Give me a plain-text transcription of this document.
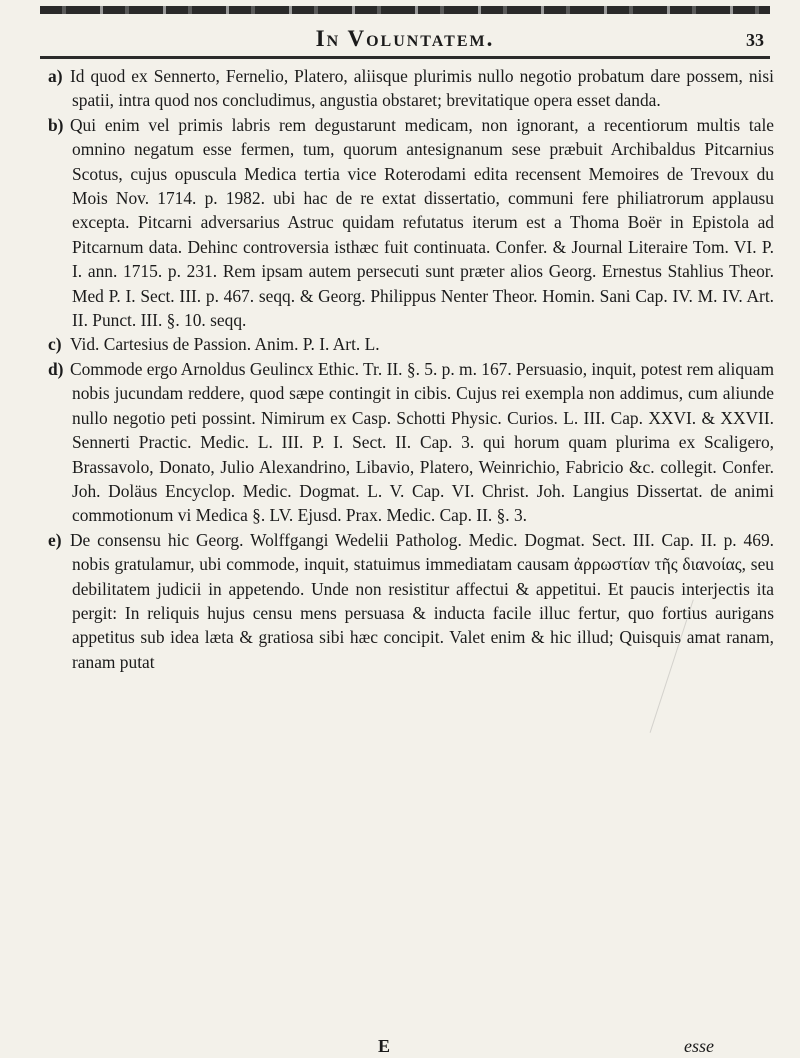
In Voluntatem.	33

a) Id quod ex Sennerto, Fernelio, Platero, aliisque plurimis nullo negotio probatum dare possem, nisi spatii, intra quod nos concludimus, angustia obstaret; brevitatique opera esset danda.

b) Qui enim vel primis labris rem degustarunt medicam, non ignorant, a recentiorum multis tale omnino negatum esse fermen, tum, quorum antesignanum sese præbuit Archibaldus Pitcarnius Scotus, cujus opuscula Medica tertia vice Roterodami edita recensent Memoires de Trevoux du Mois Nov. 1714. p. 1982. ubi hac de re extat dissertatio, communi fere philiatrorum applausu excepta. Pitcarni adversarius Astruc quidam refutatus iterum est a Thoma Boër in Epistola ad Pitcarnum data. Dehinc controversia isthæc fuit continuata. Confer. & Journal Literaire Tom. VI. P. I. ann. 1715. p. 231. Rem ipsam autem persecuti sunt præter alios Georg. Ernestus Stahlius Theor. Med P. I. Sect. III. p. 467. seqq. & Georg. Philippus Nenter Theor. Homin. Sani Cap. IV. M. IV. Art. II. Punct. III. §. 10. seqq.

c) Vid. Cartesius de Passion. Anim. P. I. Art. L.

d) Commode ergo Arnoldus Geulincx Ethic. Tr. II. §. 5. p. m. 167. Persuasio, inquit, potest rem aliquam nobis jucundam reddere, quod sæpe contingit in cibis. Cujus rei exempla non addimus, cum aliunde nullo negotio peti possint. Nimirum ex Casp. Schotti Physic. Curios. L. III. Cap. XXVI. & XXVII. Sennerti Practic. Medic. L. III. P. I. Sect. II. Cap. 3. qui horum quam plurima ex Scaligero, Brassavolo, Donato, Julio Alexandrino, Libavio, Platero, Weinrichio, Fabricio &c. collegit. Confer. Joh. Doläus Encyclop. Medic. Dogmat. L. V. Cap. VI. Christ. Joh. Langius Dissertat. de animi commotionum vi Medica §. LV. Ejusd. Prax. Medic. Cap. II. §. 3.

e) De consensu hic Georg. Wolffgangi Wedelii Patholog. Medic. Dogmat. Sect. III. Cap. II. p. 469. nobis gratulamur, ubi commode, inquit, statuimus immediatam causam ἀρρωστίαν τῆς διανοίας, seu debilitatem judicii in appetendo. Unde non resistitur affectui & appetitui. Et paucis interjectis ita pergit: In reliquis hujus censu mens persuasa & inducta facile illuc fertur, quo fortius aurigans appetitus sub idea læta & gratiosa sibi hæc concipit. Valet enim & hic illud; Quisquis amat ranam, ranam putat

E	esse
